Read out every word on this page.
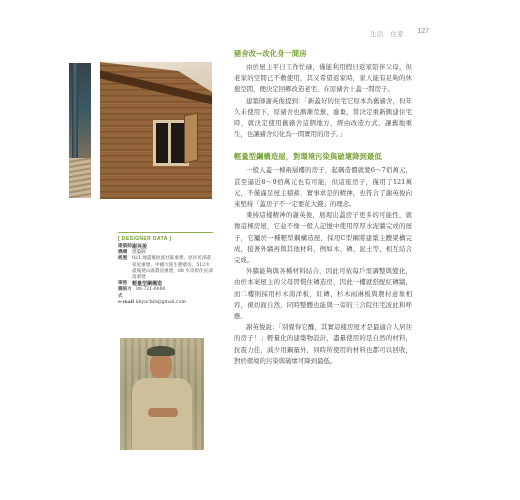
生活 · 住家 127
[ DESIGNER DATA ]
建築師 謝英俊
機構	建築師
經歷	921 地震後原族社區重建、原住民部落家屋重建、中國大陸生態農房、512川震後建山區農房重建、88 水災原住民部落重建
事務 輕量型鋼構造
聯絡方式
08-721-6080
e-mail kkyuchin@gmail.com
豬舍改→改化身一間房

由於屋主平日工作忙碌，僅能利用假日返家陪伴父母，但老家的空間已不敷使用，其又希望返家時，家人能有足夠的休憩空間，便決定回鄉改造老宅，在原豬舍上蓋一間房子。

建築師謝英俊提到：「新蓋好的住宅它原本為舊豬舍，但年久未使用下，原豬舍也漸漸荒蕪、廢棄，當決定重新興建住宅時，就決定使用舊豬舍這個地方，經由改造方式，讓舊地重生，也讓豬舍幻化為一間實用的房子。」

輕量型鋼構造屋，對環境污染與破壞降到最低

一般人蓋一棟兩層樓的房子，起碼造價就要6～7佰萬元，甚至逼近8～9佰萬元也有可能，但這座房子，僅用了121萬元，不僅滿足屋主積蓄，實事求是的精神，也符合了謝英俊向來堅持「蓋房子不一定要花大錢」的理念。

秉持這樣精神的謝英俊，展現出蓋房子更多的可能性，就像這棟房屋，它並不像一般人記憶中使用厚厚水泥牆完成的屋子，它屬於一種輕型鋼構造屋，採用C型鋼將建築主體架構完成，接著外牆再與其他材料，例如木、磚、泥土等，相互結合完成。

外牆能夠與各種材料結合，因此可依每戶需調整與變化，由於本案屋主的父母習慣住磚造房，因此一樓就搭配紅磚牆，而二樓則採用杉木南洋板，紅磚、杉木雨淋板與農村意象相容，視切面自然，同時整體也能與一旁的三合院住宅波此和呼應。

謝英俊說：「別覺得它醜，其實這樣房屋才是最適合人居住的房子！」輕量化的建築物設計，盡量使用的是自然的材料，抗震力佳，減少用鋼量外，同時所使用的材料也都可以回收，對於環境的污染與破壞可降到最低。
